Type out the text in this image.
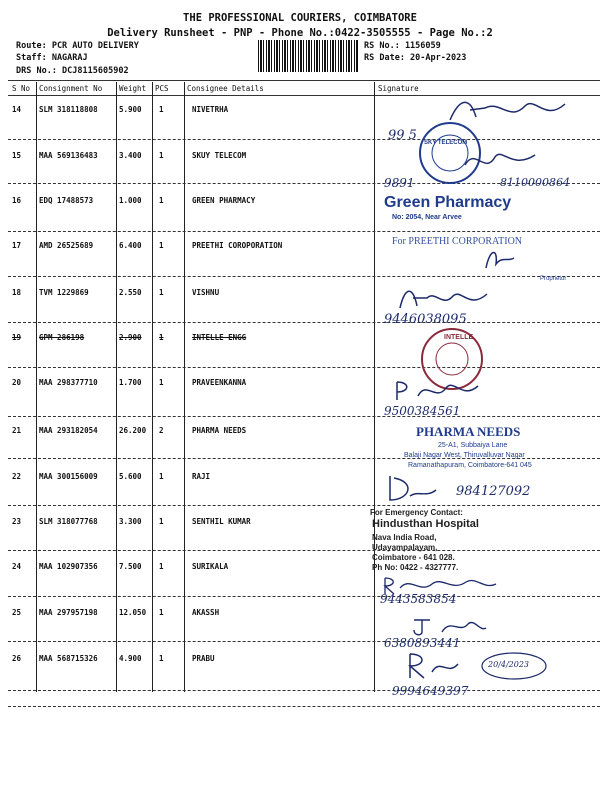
THE PROFESSIONAL COURIERS, COIMBATORE
Delivery Runsheet - PNP - Phone No.:0422-3505555 - Page No.:2
Route: PCR AUTO DELIVERY
Staff: NAGARAJ
DRS No.: DCJ8115605902
RS No.: 1156059
RS Date: 20-Apr-2023
S No Consignment No Weight PCS Consignee Details	Signature
14 SLM 318118808	5.900 1	NIVETRHA
15 MAA 569136483	3.400 1	SKUY TELECOM
16 EDQ 17488573	1.000 1	GREEN PHARMACY
17 AMD 26525689	6.400 1	PREETHI COROPORATION
18 TVM 1229869	2.550 1	VISHNU
19 GPM 286198	2.900 1	INTELLE ENGG
20 MAA 298377710	1.700 1	PRAVEENKANNA
21 MAA 293182054	26.200 2	PHARMA NEEDS
22 MAA 300156009	5.600 1	RAJI
23 SLM 318077768	3.300 1	SENTHIL KUMAR
24 MAA 102907356	7.500 1	SURIKALA
25 MAA 297957198	12.050 1	AKASSH
26 MAA 568715326	4.900 1	PRABU
99 5 SKY TELECOM
9891	8110000864
Green Pharmacy
No: 2054, Near Arvee
For PREETHI CORPORATION
Proprietor
9446038095
INTELLE
9500384561
PHARMA NEEDS
25-A1, Subbaiya Lane
Balaji Nagar West, Thiruvalluvar Nagar
Ramanathapuram, Coimbatore-641 045
984127092
For Emergency Contact:
Hindusthan Hospital
Nava India Road,
Udayampalayam,
Coimbatore - 641 028.
Ph No: 0422 - 4327777.
9443583854
6380893441
20/4/2023
9994649397
